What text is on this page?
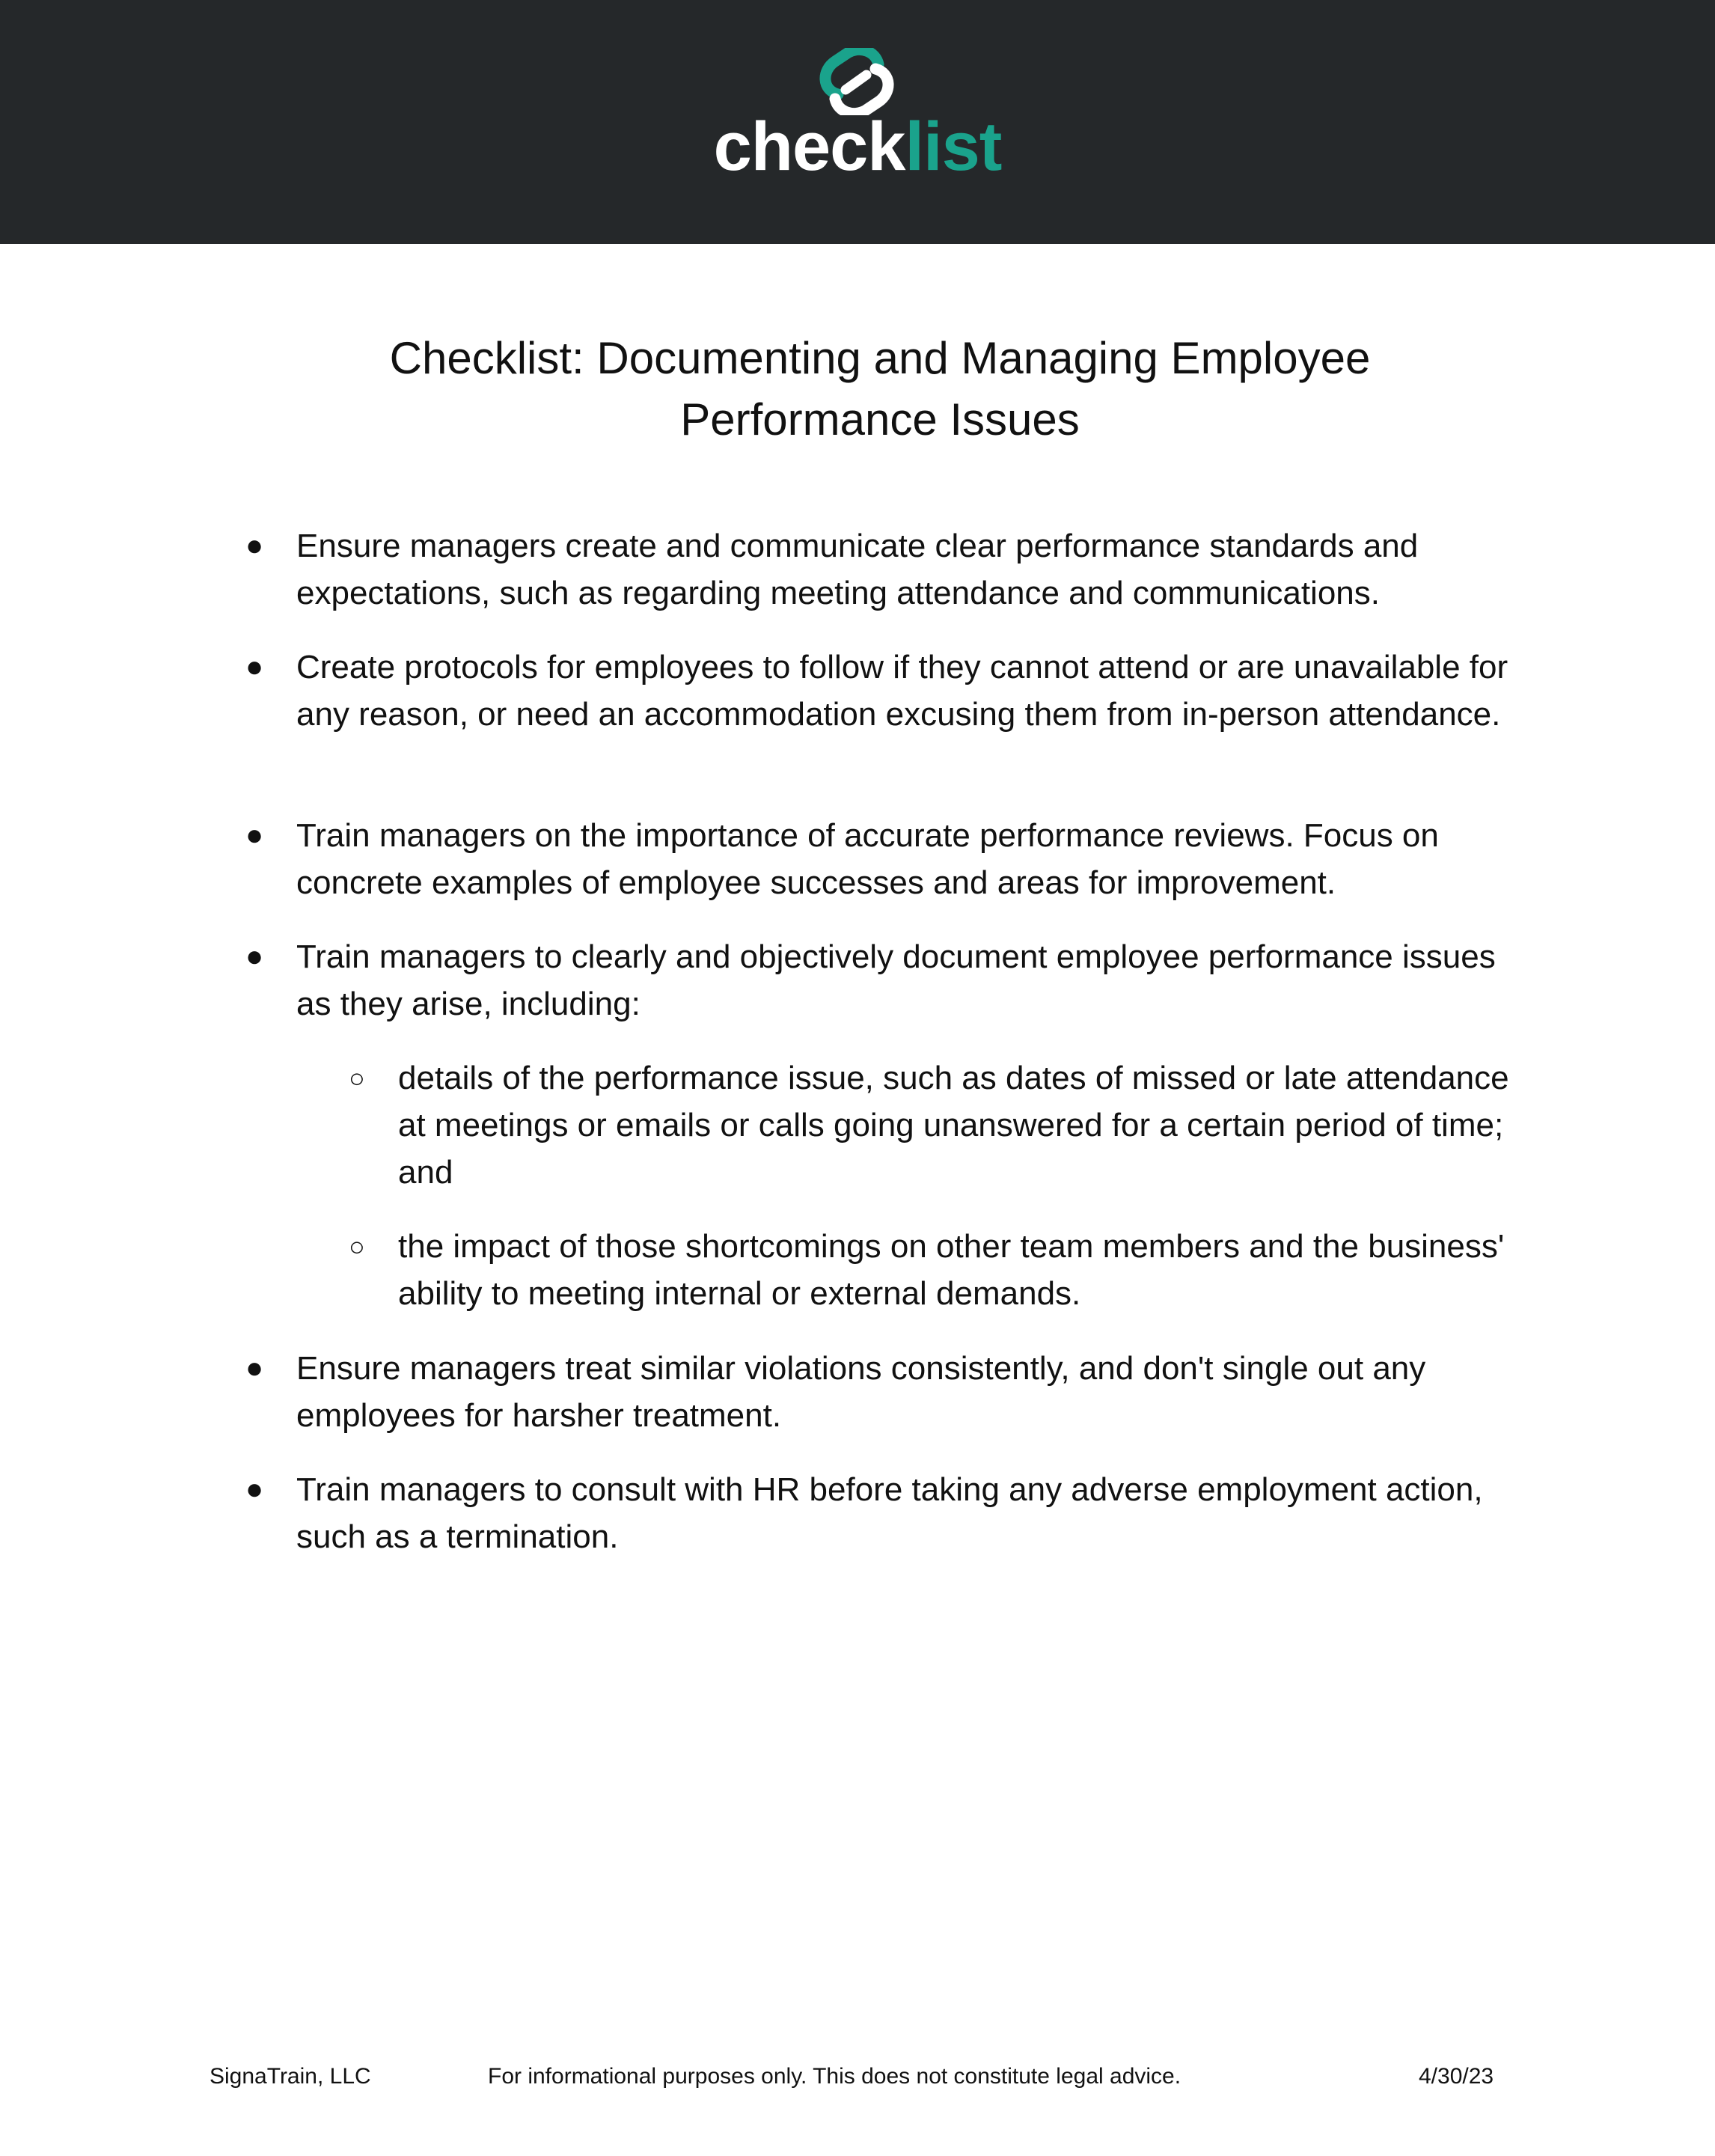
checklist
Checklist: Documenting and Managing Employee
Performance Issues
● Ensure managers create and communicate clear performance standards and expectations, such as regarding meeting attendance and communications.
● Create protocols for employees to follow if they cannot attend or are unavailable for any reason, or need an accommodation excusing them from in-person attendance.
● Train managers on the importance of accurate performance reviews. Focus on concrete examples of employee successes and areas for improvement.
● Train managers to clearly and objectively document employee performance issues as they arise, including:
○ details of the performance issue, such as dates of missed or late attendance at meetings or emails or calls going unanswered for a certain period of time; and
○ the impact of those shortcomings on other team members and the business' ability to meeting internal or external demands.
● Ensure managers treat similar violations consistently, and don't single out any employees for harsher treatment.
● Train managers to consult with HR before taking any adverse employment action, such as a termination.
SignaTrain, LLC	For informational purposes only. This does not constitute legal advice.	4/30/23
